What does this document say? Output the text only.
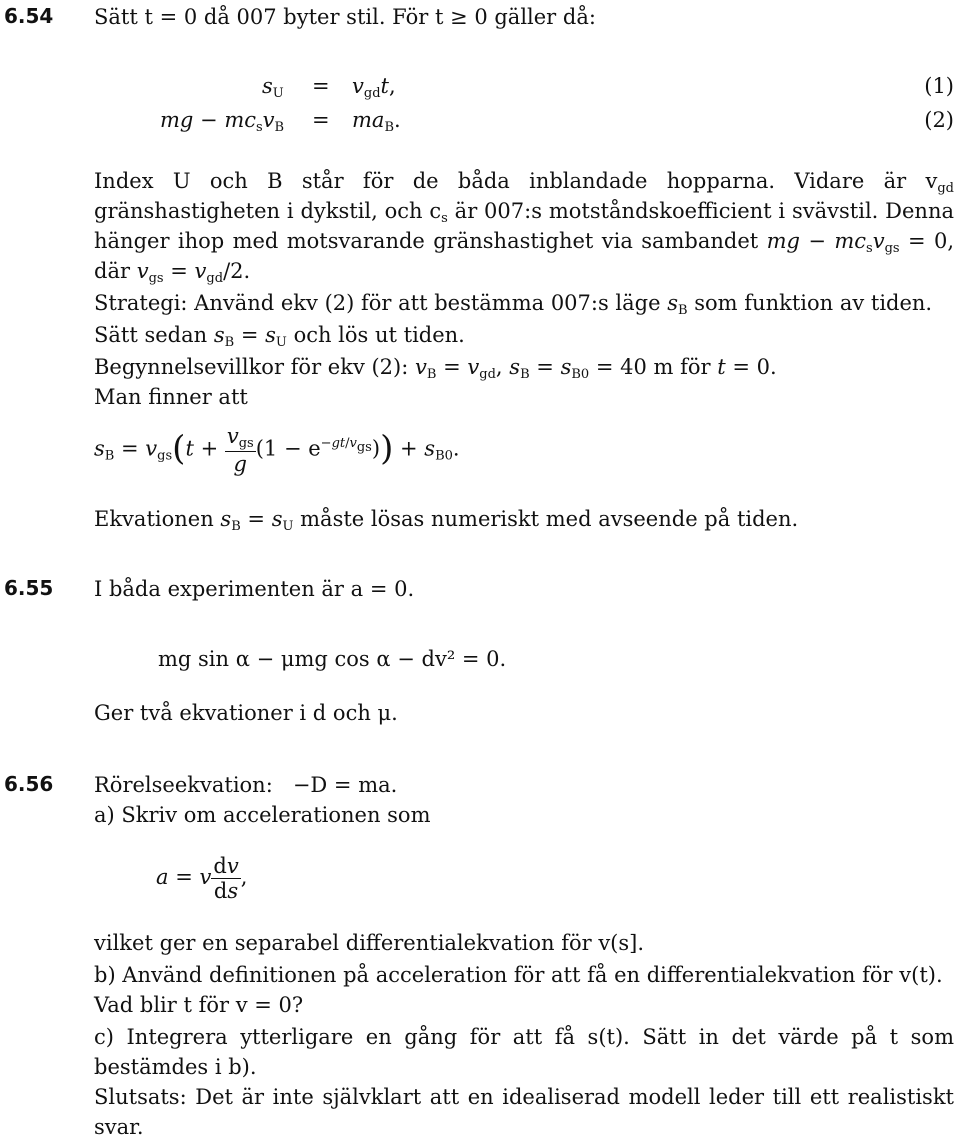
6.54 Sätt t = 0 då 007 byter stil. För t ≥ 0 gäller då:
$s_U = v_{gd}t$,	(1)
mg − $mc_sv_B = ma_B$.	(2)
Index U och B står för de båda inblandade hopparna. Vidare är $v_{gd}$
gränshastigheten i dykstil, och $c_s$ är 007:s motståndskoefficient i svävstil. Denna
hänger ihop med motsvarande gränshastighet via sambandet mg − $mc_sv_{gs} = 0$,
där $v_{gs} = v_{gd}/2$.
Strategi: Använd ekv (2) för att bestämma 007:s läge $s_B$ som funktion av tiden.
Sätt sedan $s_B = s_U$ och lös ut tiden.
Begynnelsevillkor för ekv (2): $v_B = v_{gd}$, $s_B = s_{B0} = 40$ m för t = 0.
Man finner att
$s_B = v_{gs}(t + \frac{v_{gs}}{g} (1 - e^{-gt/v_{gs}})) + s_{B0}$.
Ekvationen $s_B = s_U$ måste lösas numeriskt med avseende på tiden.
6.55 I båda experimenten är a = 0.
mg sin α − μmg cos α − dv² = 0.
Ger två ekvationer i d och μ.
6.56 Rörelseekvation: −D = ma.
a) Skriv om accelerationen som
a = v $\frac{dv}{ds}$ ,
vilket ger en separabel differentialekvation för v(s].
b) Använd definitionen på acceleration för att få en differentialekvation för v(t).
Vad blir t för v = 0?
c) Integrera ytterligare en gång för att få s(t). Sätt in det värde på t som
bestämdes i b).
Slutsats: Det är inte självklart att en idealiserad modell leder till ett realistiskt
svar.
